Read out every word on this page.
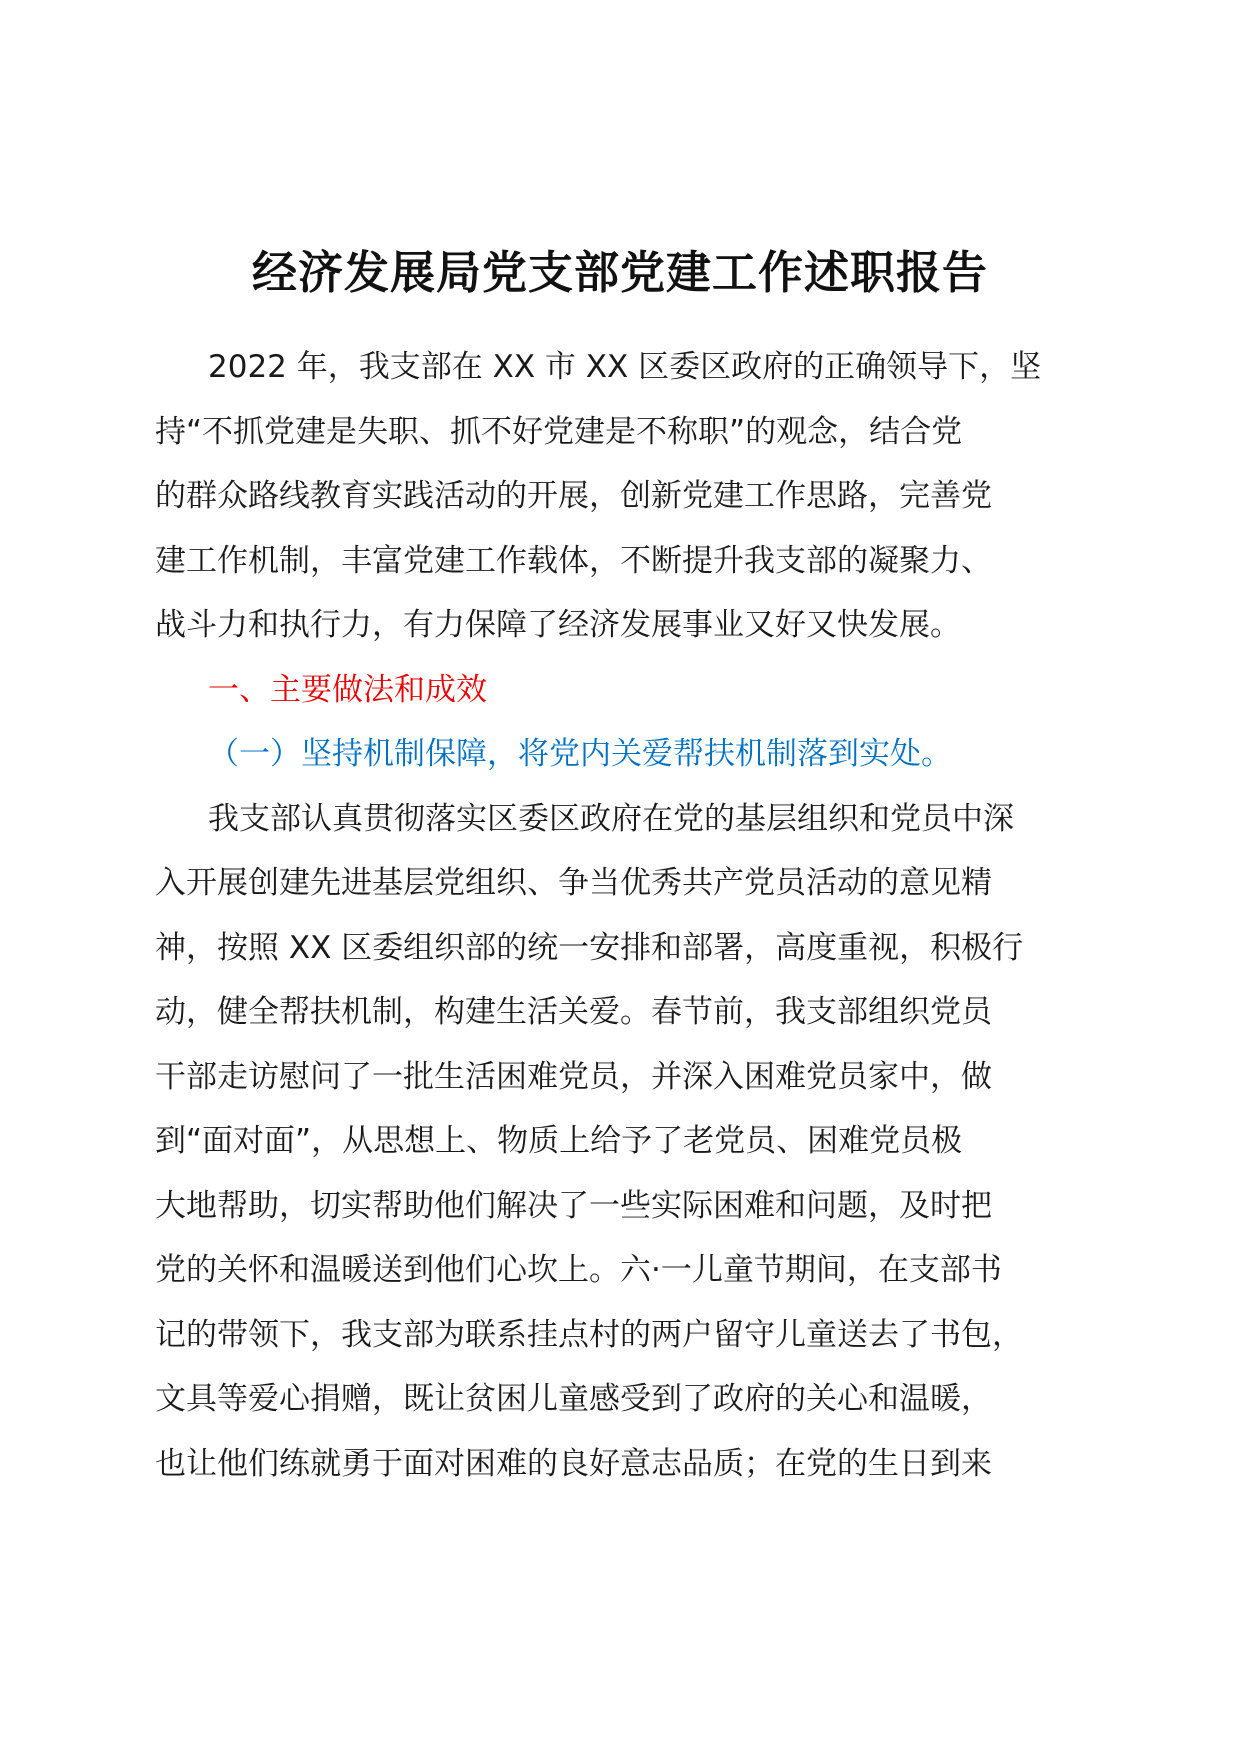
经济发展局党支部党建工作述职报告
2022 年，我支部在 XX 市 XX 区委区政府的正确领导下，坚
持“不抓党建是失职、抓不好党建是不称职”的观念，结合党
的群众路线教育实践活动的开展，创新党建工作思路，完善党
建工作机制，丰富党建工作载体，不断提升我支部的凝聚力、
战斗力和执行力，有力保障了经济发展事业又好又快发展。
一、主要做法和成效
（一）坚持机制保障，将党内关爱帮扶机制落到实处。
我支部认真贯彻落实区委区政府在党的基层组织和党员中深
入开展创建先进基层党组织、争当优秀共产党员活动的意见精
神，按照 XX 区委组织部的统一安排和部署，高度重视，积极行
动，健全帮扶机制，构建生活关爱。春节前，我支部组织党员
干部走访慰问了一批生活困难党员，并深入困难党员家中，做
到“面对面”，从思想上、物质上给予了老党员、困难党员极
大地帮助，切实帮助他们解决了一些实际困难和问题，及时把
党的关怀和温暖送到他们心坎上。六·一儿童节期间，在支部书
记的带领下，我支部为联系挂点村的两户留守儿童送去了书包，
文具等爱心捐赠，既让贫困儿童感受到了政府的关心和温暖，
也让他们练就勇于面对困难的良好意志品质；在党的生日到来
